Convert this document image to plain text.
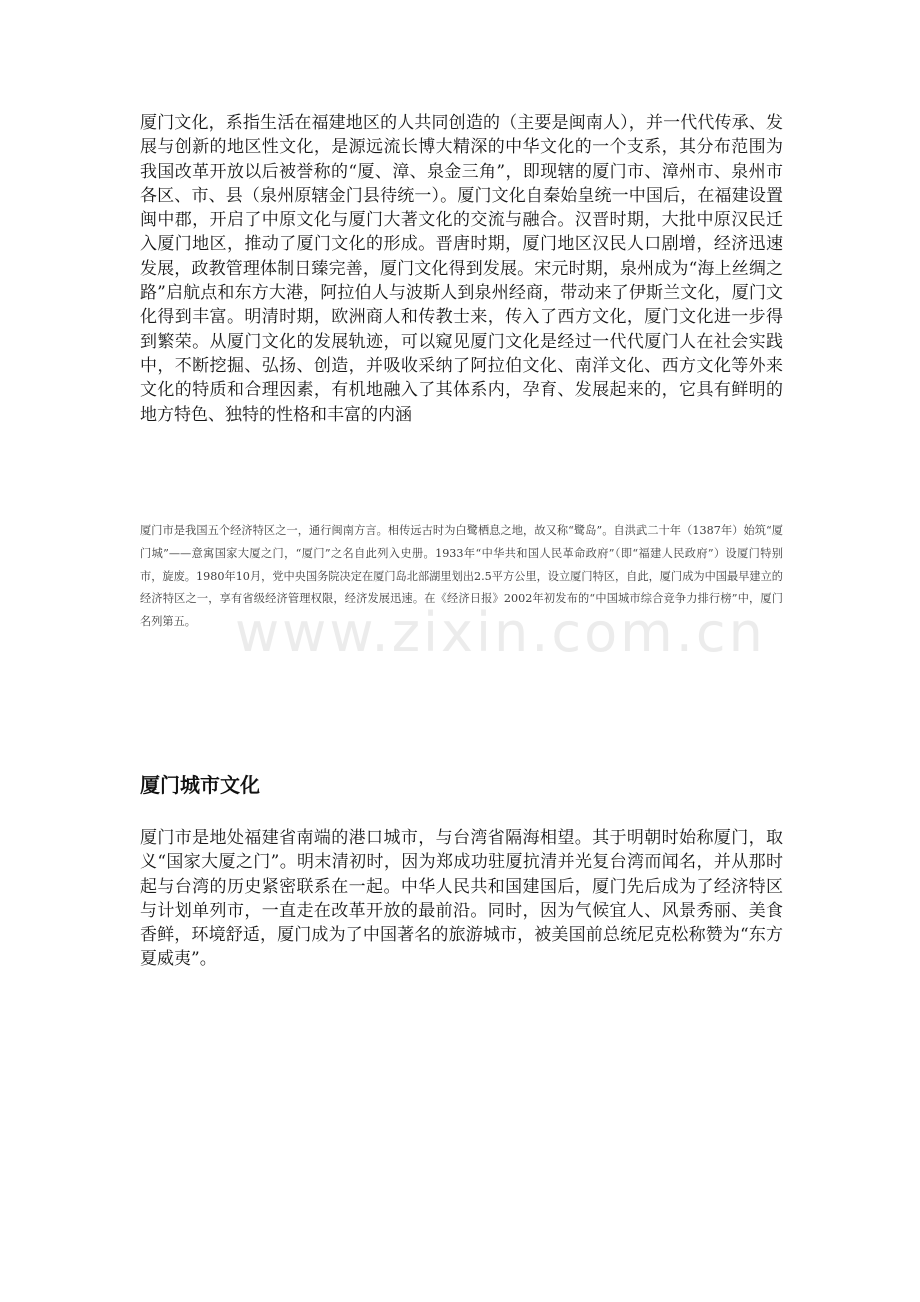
厦门文化，系指生活在福建地区的人共同创造的（主要是闽南人），并一代代传承、发展与创新的地区性文化，是源远流长博大精深的中华文化的一个支系，其分布范围为我国改革开放以后被誉称的“厦、漳、泉金三角”，即现辖的厦门市、漳州市、泉州市各区、市、县（泉州原辖金门县待统一）。厦门文化自秦始皇统一中国后，在福建设置闽中郡，开启了中原文化与厦门大著文化的交流与融合。汉晋时期，大批中原汉民迁入厦门地区，推动了厦门文化的形成。晋唐时期，厦门地区汉民人口剧增，经济迅速发展，政教管理体制日臻完善，厦门文化得到发展。宋元时期，泉州成为“海上丝绸之路”启航点和东方大港，阿拉伯人与波斯人到泉州经商，带动来了伊斯兰文化，厦门文化得到丰富。明清时期，欧洲商人和传教士来，传入了西方文化，厦门文化进一步得到繁荣。从厦门文化的发展轨迹，可以窥见厦门文化是经过一代代厦门人在社会实践中，不断挖掘、弘扬、创造，并吸收采纳了阿拉伯文化、南洋文化、西方文化等外来文化的特质和合理因素，有机地融入了其体系内，孕育、发展起来的，它具有鲜明的地方特色、独特的性格和丰富的内涵

厦门市是我国五个经济特区之一，通行闽南方言。相传远古时为白鹭栖息之地，故又称“鹭岛”。自洪武二十年（1387年）始筑“厦门城”——意寓国家大厦之门，“厦门”之名自此列入史册。1933年“中华共和国人民革命政府”（即“福建人民政府”）设厦门特别市，旋废。1980年10月，党中央国务院决定在厦门岛北部湖里划出2.5平方公里，设立厦门特区，自此，厦门成为中国最早建立的经济特区之一，享有省级经济管理权限，经济发展迅速。在《经济日报》2002年初发布的“中国城市综合竞争力排行榜”中，厦门名列第五。 www.zixin.com.cn
厦门城市文化

厦门市是地处福建省南端的港口城市，与台湾省隔海相望。其于明朝时始称厦门，取义“国家大厦之门”。明末清初时，因为郑成功驻厦抗清并光复台湾而闻名，并从那时起与台湾的历史紧密联系在一起。中华人民共和国建国后，厦门先后成为了经济特区与计划单列市，一直走在改革开放的最前沿。同时，因为气候宜人、风景秀丽、美食香鲜，环境舒适，厦门成为了中国著名的旅游城市，被美国前总统尼克松称赞为“东方夏威夷”。
